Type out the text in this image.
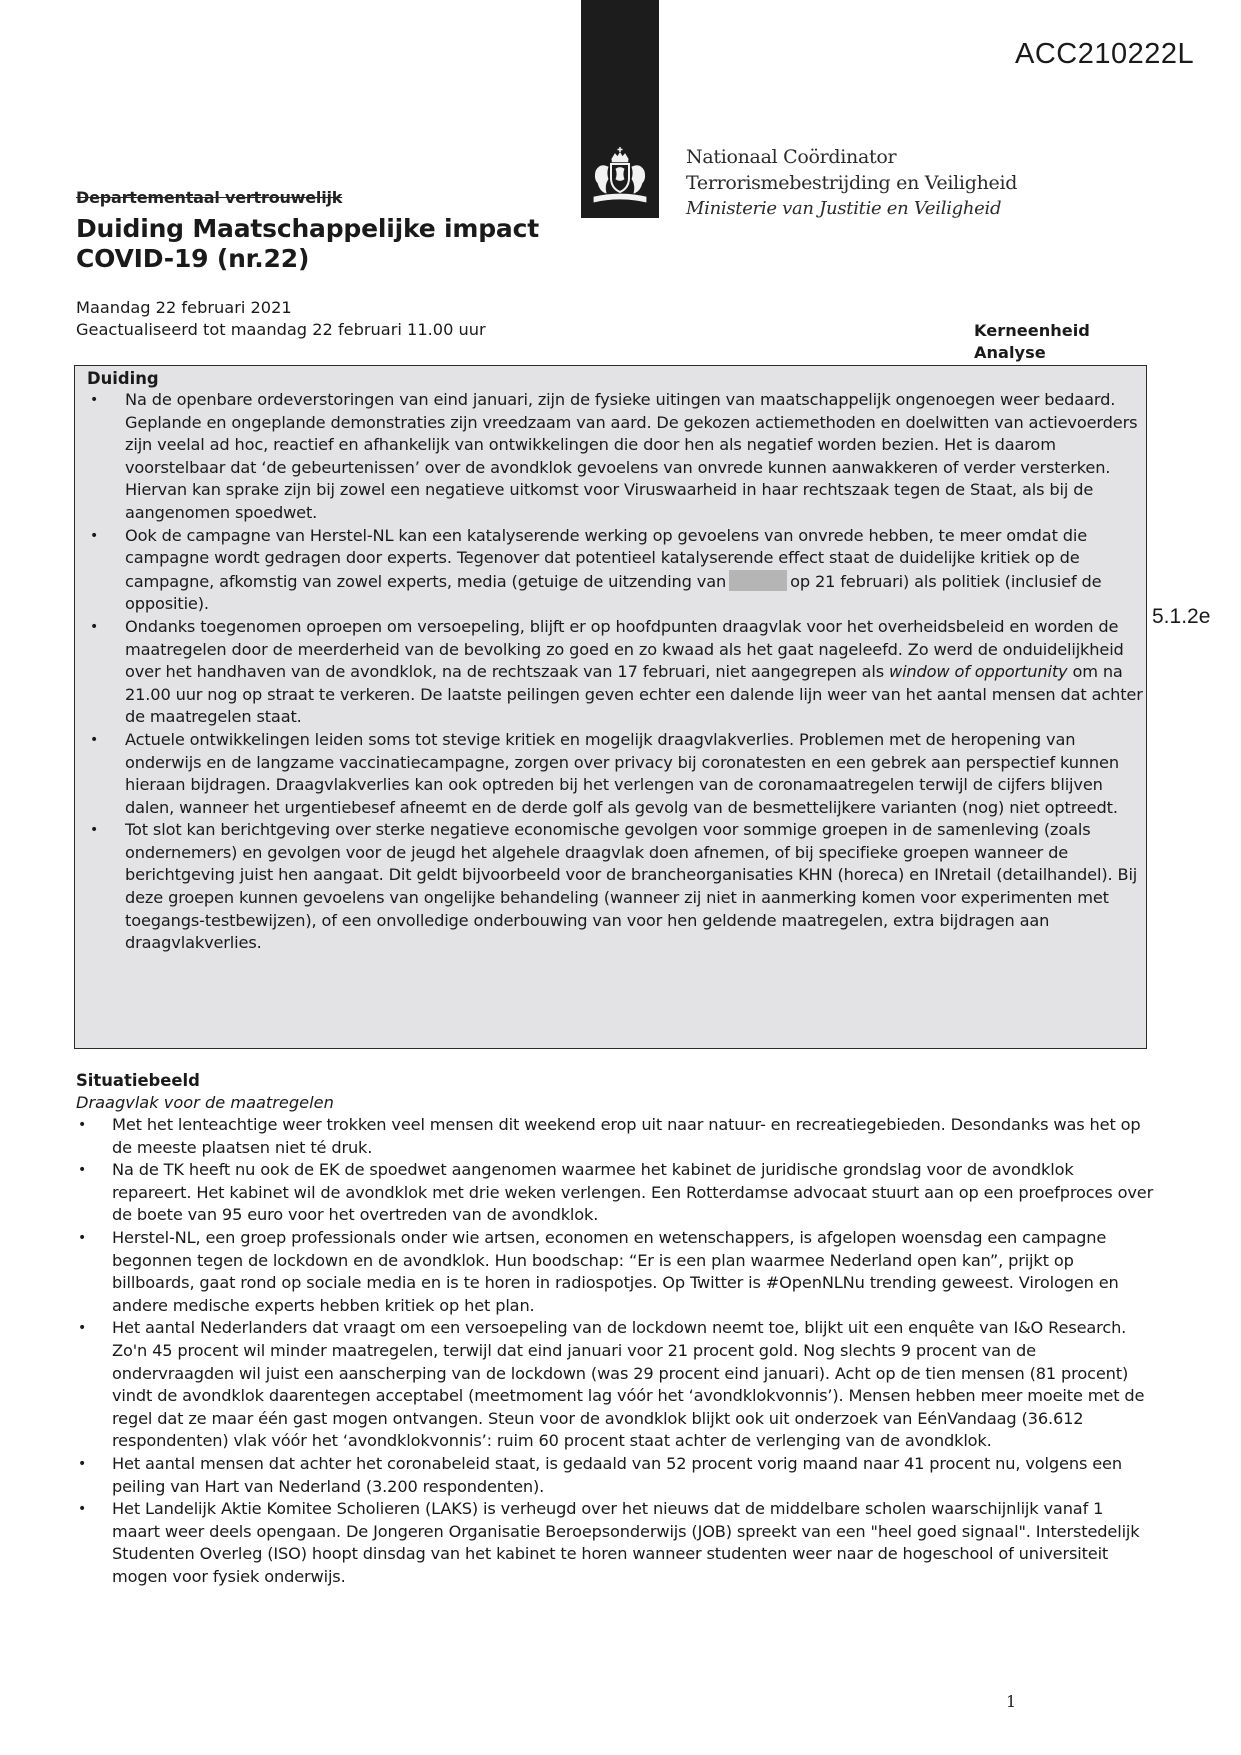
ACC210222L
Nationaal Coördinator
Terrorismebestrijding en Veiligheid
Ministerie van Justitie en Veiligheid
Departementaal vertrouwelijk
Duiding Maatschappelijke impact
COVID-19 (nr.22)
Maandag 22 februari 2021
Geactualiseerd tot maandag 22 februari 11.00 uur	Kerneenheid
Analyse
Duiding
• Na de openbare ordeverstoringen van eind januari, zijn de fysieke uitingen van maatschappelijk ongenoegen weer bedaard. Geplande en ongeplande demonstraties zijn vreedzaam van aard. De gekozen actiemethoden en doelwitten van actievoerders zijn veelal ad hoc, reactief en afhankelijk van ontwikkelingen die door hen als negatief worden bezien. Het is daarom voorstelbaar dat ‘de gebeurtenissen’ over de avondklok gevoelens van onvrede kunnen aanwakkeren of verder versterken. Hiervan kan sprake zijn bij zowel een negatieve uitkomst voor Viruswaarheid in haar rechtszaak tegen de Staat, als bij de aangenomen spoedwet.
• Ook de campagne van Herstel-NL kan een katalyserende werking op gevoelens van onvrede hebben, te meer omdat die campagne wordt gedragen door experts. Tegenover dat potentieel katalyserende effect staat de duidelijke kritiek op de campagne, afkomstig van zowel experts, media (getuige de uitzending van	op 21 februari) als politiek (inclusief de oppositie).
• Ondanks toegenomen oproepen om versoepeling, blijft er op hoofdpunten draagvlak voor het overheidsbeleid en worden de maatregelen door de meerderheid van de bevolking zo goed en zo kwaad als het gaat nageleefd. Zo werd de onduidelijkheid over het handhaven van de avondklok, na de rechtszaak van 17 februari, niet aangegrepen als window of opportunity om na 21.00 uur nog op straat te verkeren. De laatste peilingen geven echter een dalende lijn weer van het aantal mensen dat achter de maatregelen staat.
• Actuele ontwikkelingen leiden soms tot stevige kritiek en mogelijk draagvlakverlies. Problemen met de heropening van onderwijs en de langzame vaccinatiecampagne, zorgen over privacy bij coronatesten en een gebrek aan perspectief kunnen hieraan bijdragen. Draagvlakverlies kan ook optreden bij het verlengen van de coronamaatregelen terwijl de cijfers blijven dalen, wanneer het urgentiebesef afneemt en de derde golf als gevolg van de besmettelijkere varianten (nog) niet optreedt.
• Tot slot kan berichtgeving over sterke negatieve economische gevolgen voor sommige groepen in de samenleving (zoals ondernemers) en gevolgen voor de jeugd het algehele draagvlak doen afnemen, of bij specifieke groepen wanneer de berichtgeving juist hen aangaat. Dit geldt bijvoorbeeld voor de brancheorganisaties KHN (horeca) en INretail (detailhandel). Bij deze groepen kunnen gevoelens van ongelijke behandeling (wanneer zij niet in aanmerking komen voor experimenten met toegangs-testbewijzen), of een onvolledige onderbouwing van voor hen geldende maatregelen, extra bijdragen aan draagvlakverlies.
5.1.2e
Situatiebeeld
Draagvlak voor de maatregelen
• Met het lenteachtige weer trokken veel mensen dit weekend erop uit naar natuur- en recreatiegebieden. Desondanks was het op de meeste plaatsen niet té druk.
• Na de TK heeft nu ook de EK de spoedwet aangenomen waarmee het kabinet de juridische grondslag voor de avondklok repareert. Het kabinet wil de avondklok met drie weken verlengen. Een Rotterdamse advocaat stuurt aan op een proefproces over de boete van 95 euro voor het overtreden van de avondklok.
• Herstel-NL, een groep professionals onder wie artsen, economen en wetenschappers, is afgelopen woensdag een campagne begonnen tegen de lockdown en de avondklok. Hun boodschap: “Er is een plan waarmee Nederland open kan”, prijkt op billboards, gaat rond op sociale media en is te horen in radiospotjes. Op Twitter is #OpenNLNu trending geweest. Virologen en andere medische experts hebben kritiek op het plan.
• Het aantal Nederlanders dat vraagt om een versoepeling van de lockdown neemt toe, blijkt uit een enquête van I&O Research. Zo'n 45 procent wil minder maatregelen, terwijl dat eind januari voor 21 procent gold. Nog slechts 9 procent van de ondervraagden wil juist een aanscherping van de lockdown (was 29 procent eind januari). Acht op de tien mensen (81 procent) vindt de avondklok daarentegen acceptabel (meetmoment lag vóór het ‘avondklokvonnis’). Mensen hebben meer moeite met de regel dat ze maar één gast mogen ontvangen. Steun voor de avondklok blijkt ook uit onderzoek van EénVandaag (36.612 respondenten) vlak vóór het ‘avondklokvonnis’: ruim 60 procent staat achter de verlenging van de avondklok.
• Het aantal mensen dat achter het coronabeleid staat, is gedaald van 52 procent vorig maand naar 41 procent nu, volgens een peiling van Hart van Nederland (3.200 respondenten).
• Het Landelijk Aktie Komitee Scholieren (LAKS) is verheugd over het nieuws dat de middelbare scholen waarschijnlijk vanaf 1 maart weer deels opengaan. De Jongeren Organisatie Beroepsonderwijs (JOB) spreekt van een "heel goed signaal". Interstedelijk Studenten Overleg (ISO) hoopt dinsdag van het kabinet te horen wanneer studenten weer naar de hogeschool of universiteit mogen voor fysiek onderwijs.
1
